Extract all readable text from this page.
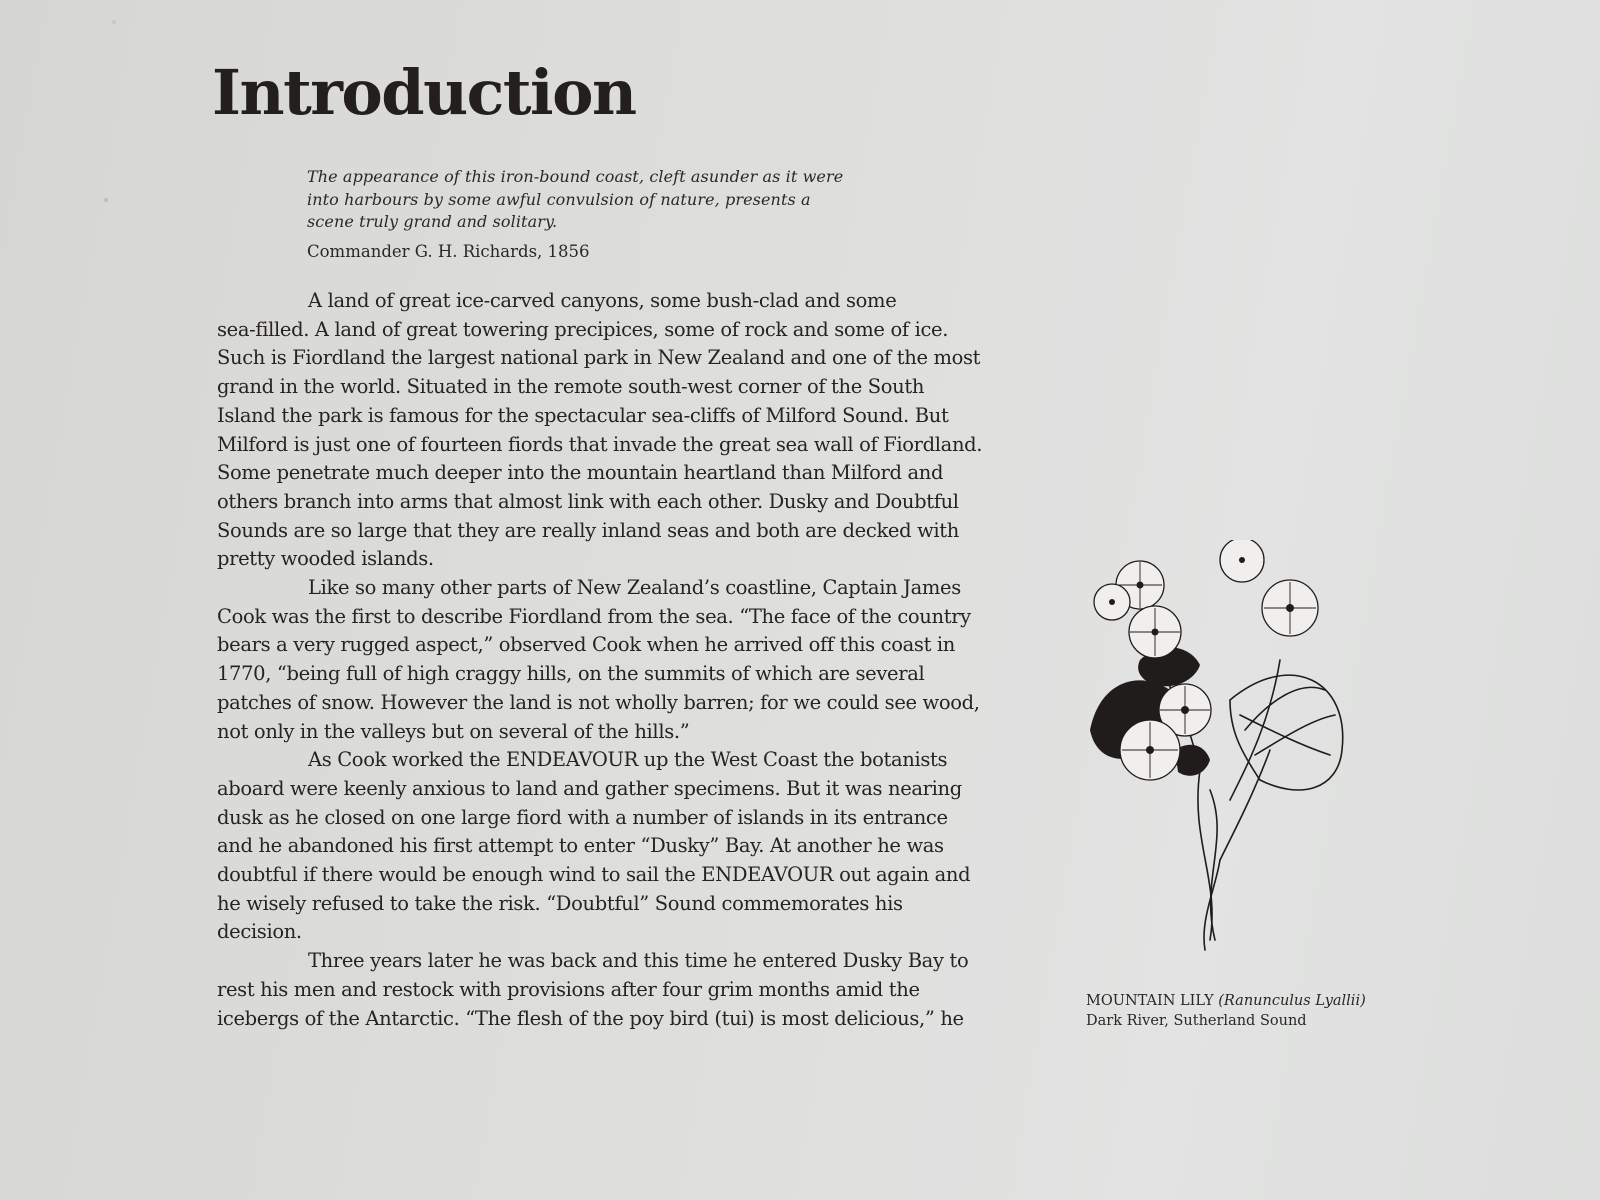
Introduction

The appearance of this iron-bound coast, cleft asunder as it were
into harbours by some awful convulsion of nature, presents a
scene truly grand and solitary.

Commander G. H. Richards, 1856

A land of great ice-carved canyons, some bush-clad and some
sea-filled. A land of great towering precipices, some of rock and some of ice.
Such is Fiordland the largest national park in New Zealand and one of the most
grand in the world. Situated in the remote south-west corner of the South
Island the park is famous for the spectacular sea-cliffs of Milford Sound. But
Milford is just one of fourteen fiords that invade the great sea wall of Fiordland.
Some penetrate much deeper into the mountain heartland than Milford and
others branch into arms that almost link with each other. Dusky and Doubtful
Sounds are so large that they are really inland seas and both are decked with
pretty wooded islands.
Like so many other parts of New Zealand’s coastline, Captain James
Cook was the first to describe Fiordland from the sea. “The face of the country
bears a very rugged aspect,” observed Cook when he arrived off this coast in
1770, “being full of high craggy hills, on the summits of which are several
patches of snow. However the land is not wholly barren; for we could see wood,
not only in the valleys but on several of the hills.”
As Cook worked the ENDEAVOUR up the West Coast the botanists
aboard were keenly anxious to land and gather specimens. But it was nearing
dusk as he closed on one large fiord with a number of islands in its entrance
and he abandoned his first attempt to enter “Dusky” Bay. At another he was
doubtful if there would be enough wind to sail the ENDEAVOUR out again and
he wisely refused to take the risk. “Doubtful” Sound commemorates his
decision.
Three years later he was back and this time he entered Dusky Bay to
rest his men and restock with provisions after four grim months amid the
icebergs of the Antarctic. “The flesh of the poy bird (tui) is most delicious,” he
MOUNTAIN LILY (Ranunculus Lyallii)
Dark River, Sutherland Sound
